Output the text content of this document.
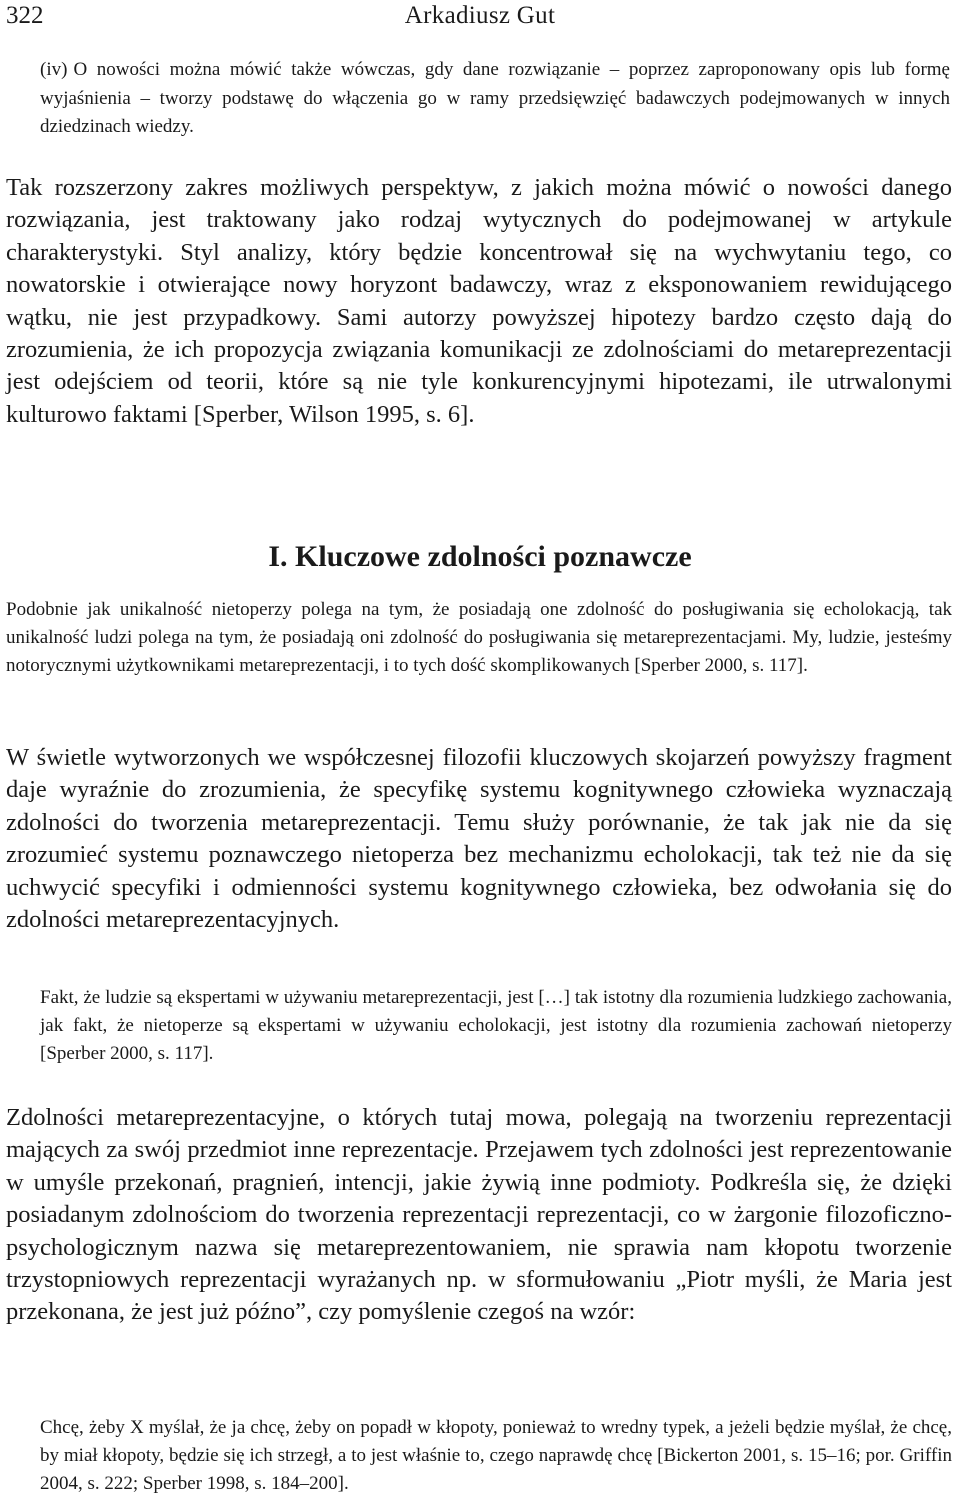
322	Arkadiusz Gut

(iv) O nowości można mówić także wówczas, gdy dane rozwiązanie – poprzez zaproponowany opis lub formę wyjaśnienia – tworzy podstawę do włączenia go w ramy przedsięwzięć badawczych podejmowanych w innych dziedzinach wiedzy.

Tak rozszerzony zakres możliwych perspektyw, z jakich można mówić o nowości danego rozwiązania, jest traktowany jako rodzaj wytycznych do podejmowanej w artykule charakterystyki. Styl analizy, który będzie koncentrował się na wychwytaniu tego, co nowatorskie i otwierające nowy horyzont badawczy, wraz z eksponowaniem rewidującego wątku, nie jest przypadkowy. Sami autorzy powyższej hipotezy bardzo często dają do zrozumienia, że ich propozycja związania komunikacji ze zdolnościami do metareprezentacji jest odejściem od teorii, które są nie tyle konkurencyjnymi hipotezami, ile utrwalonymi kulturowo faktami [Sperber, Wilson 1995, s. 6].

I. Kluczowe zdolności poznawcze

Podobnie jak unikalność nietoperzy polega na tym, że posiadają one zdolność do posługiwania się echolokacją, tak unikalność ludzi polega na tym, że posiadają oni zdolność do posługiwania się metareprezentacjami. My, ludzie, jesteśmy notorycznymi użytkownikami metareprezentacji, i to tych dość skomplikowanych [Sperber 2000, s. 117].

W świetle wytworzonych we współczesnej filozofii kluczowych skojarzeń powyższy fragment daje wyraźnie do zrozumienia, że specyfikę systemu kognitywnego człowieka wyznaczają zdolności do tworzenia metareprezentacji. Temu służy porównanie, że tak jak nie da się zrozumieć systemu poznawczego nietoperza bez mechanizmu echolokacji, tak też nie da się uchwycić specyfiki i odmienności systemu kognitywnego człowieka, bez odwołania się do zdolności metareprezentacyjnych.

Fakt, że ludzie są ekspertami w używaniu metareprezentacji, jest […] tak istotny dla rozumienia ludzkiego zachowania, jak fakt, że nietoperze są ekspertami w używaniu echolokacji, jest istotny dla rozumienia zachowań nietoperzy [Sperber 2000, s. 117].

Zdolności metareprezentacyjne, o których tutaj mowa, polegają na tworzeniu reprezentacji mających za swój przedmiot inne reprezentacje. Przejawem tych zdolności jest reprezentowanie w umyśle przekonań, pragnień, intencji, jakie żywią inne podmioty. Podkreśla się, że dzięki posiadanym zdolnościom do tworzenia reprezentacji reprezentacji, co w żargonie filozoficzno-psychologicznym nazwa się metareprezentowaniem, nie sprawia nam kłopotu tworzenie trzystopniowych reprezentacji wyrażanych np. w sformułowaniu „Piotr myśli, że Maria jest przekonana, że jest już późno”, czy pomyślenie czegoś na wzór:

Chcę, żeby X myślał, że ja chcę, żeby on popadł w kłopoty, ponieważ to wredny typek, a jeżeli będzie myślał, że chcę, by miał kłopoty, będzie się ich strzegł, a to jest właśnie to, czego naprawdę chcę [Bickerton 2001, s. 15–16; por. Griffin 2004, s. 222; Sperber 1998, s. 184–200].
